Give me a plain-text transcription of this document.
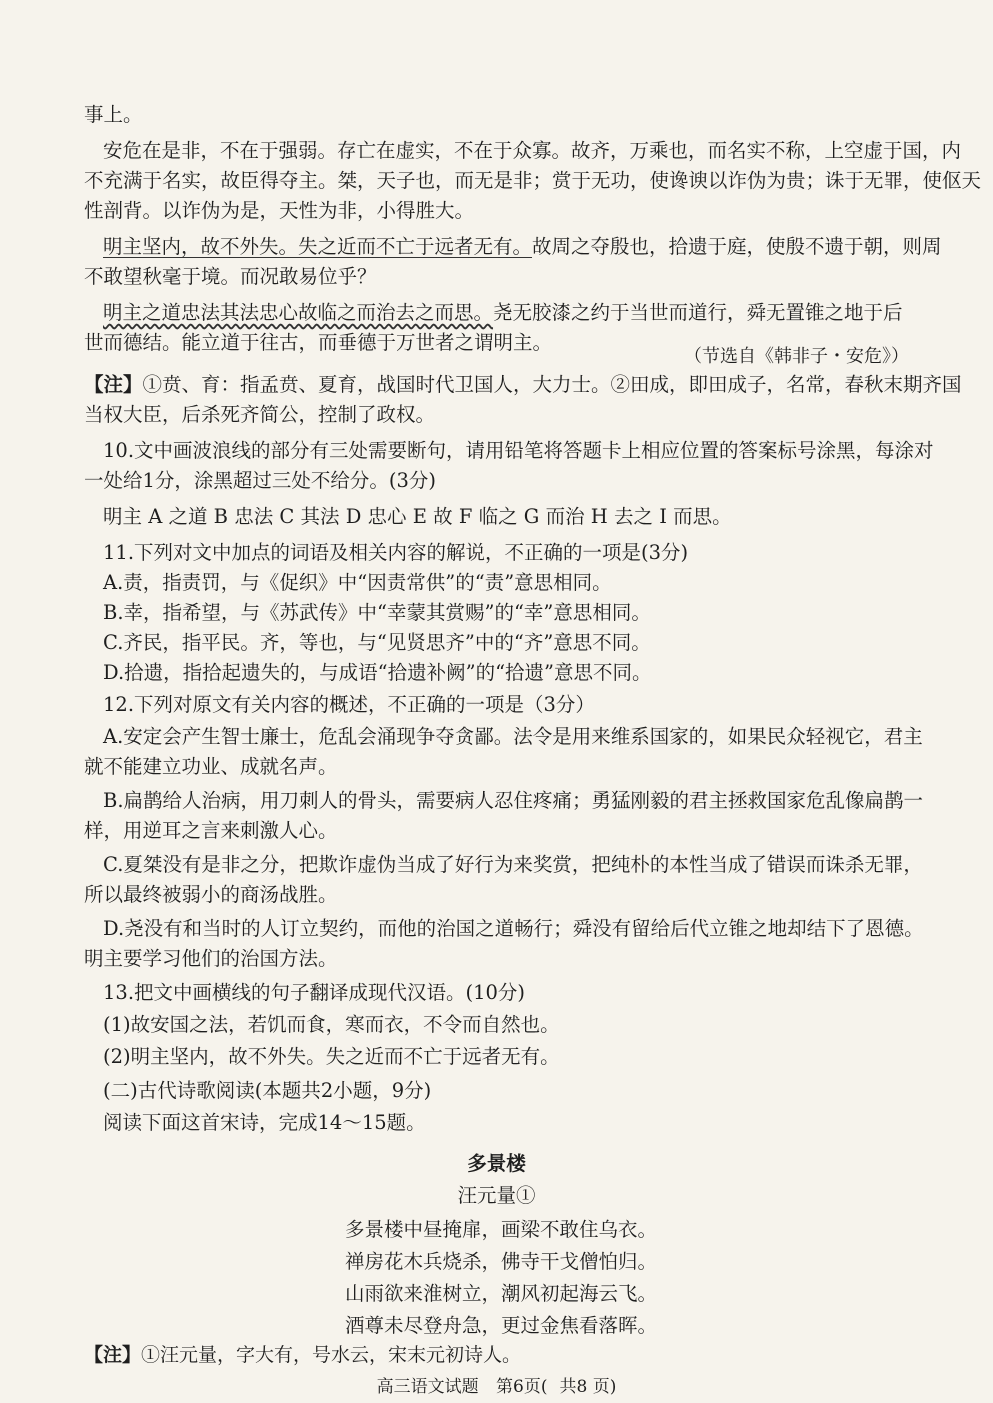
事上。

安危在是非，不在于强弱。存亡在虚实，不在于众寡。故齐，万乘也，而名实不称，上空虚于国，内

不充满于名实，故臣得夺主。桀，天子也，而无是非；赏于无功，使谗谀以诈伪为贵；诛于无罪，使伛天

性剖背。以诈伪为是，天性为非，小得胜大。

明主坚内，故不外失。失之近而不亡于远者无有。故周之夺殷也，拾遗于庭，使殷不遗于朝，则周

不敢望秋毫于境。而况敢易位乎？

明主之道忠法其法忠心故临之而治去之而思。尧无胶漆之约于当世而道行，舜无置锥之地于后

世而德结。能立道于往古，而垂德于万世者之谓明主。

（节选自《韩非子・安危》）

【注】①贲、育：指孟贲、夏育，战国时代卫国人，大力士。②田成，即田成子，名常，春秋末期齐国

当权大臣，后杀死齐简公，控制了政权。

10.文中画波浪线的部分有三处需要断句，请用铅笔将答题卡上相应位置的答案标号涂黑，每涂对

一处给1分，涂黑超过三处不给分。(3分)

明主 A 之道 B 忠法 C 其法 D 忠心 E 故 F 临之 G 而治 H 去之 I 而思。

11.下列对文中加点的词语及相关内容的解说，不正确的一项是(3分)

A.责，指责罚，与《促织》中“因责常供”的“责”意思相同。

B.幸，指希望，与《苏武传》中“幸蒙其赏赐”的“幸”意思相同。

C.齐民，指平民。齐，等也，与“见贤思齐”中的“齐”意思不同。

D.拾遗，指拾起遗失的，与成语“拾遗补阙”的“拾遗”意思不同。

12.下列对原文有关内容的概述，不正确的一项是（3分）

A.安定会产生智士廉士，危乱会涌现争夺贪鄙。法令是用来维系国家的，如果民众轻视它，君主

就不能建立功业、成就名声。

B.扁鹊给人治病，用刀刺人的骨头，需要病人忍住疼痛；勇猛刚毅的君主拯救国家危乱像扁鹊一

样，用逆耳之言来刺激人心。

C.夏桀没有是非之分，把欺诈虚伪当成了好行为来奖赏，把纯朴的本性当成了错误而诛杀无罪，

所以最终被弱小的商汤战胜。

D.尧没有和当时的人订立契约，而他的治国之道畅行；舜没有留给后代立锥之地却结下了恩德。

明主要学习他们的治国方法。

13.把文中画横线的句子翻译成现代汉语。(10分)

(1)故安国之法，若饥而食，寒而衣，不令而自然也。

(2)明主坚内，故不外失。失之近而不亡于远者无有。

(二)古代诗歌阅读(本题共2小题，9分)

阅读下面这首宋诗，完成14～15题。

多景楼

汪元量①

多景楼中昼掩扉，画梁不敢住乌衣。

禅房花木兵烧杀，佛寺干戈僧怕归。

山雨欲来淮树立，潮风初起海云飞。

酒尊未尽登舟急，更过金焦看落晖。

【注】①汪元量，字大有，号水云，宋末元初诗人。
高三语文试题 第6页( 共8 页)
